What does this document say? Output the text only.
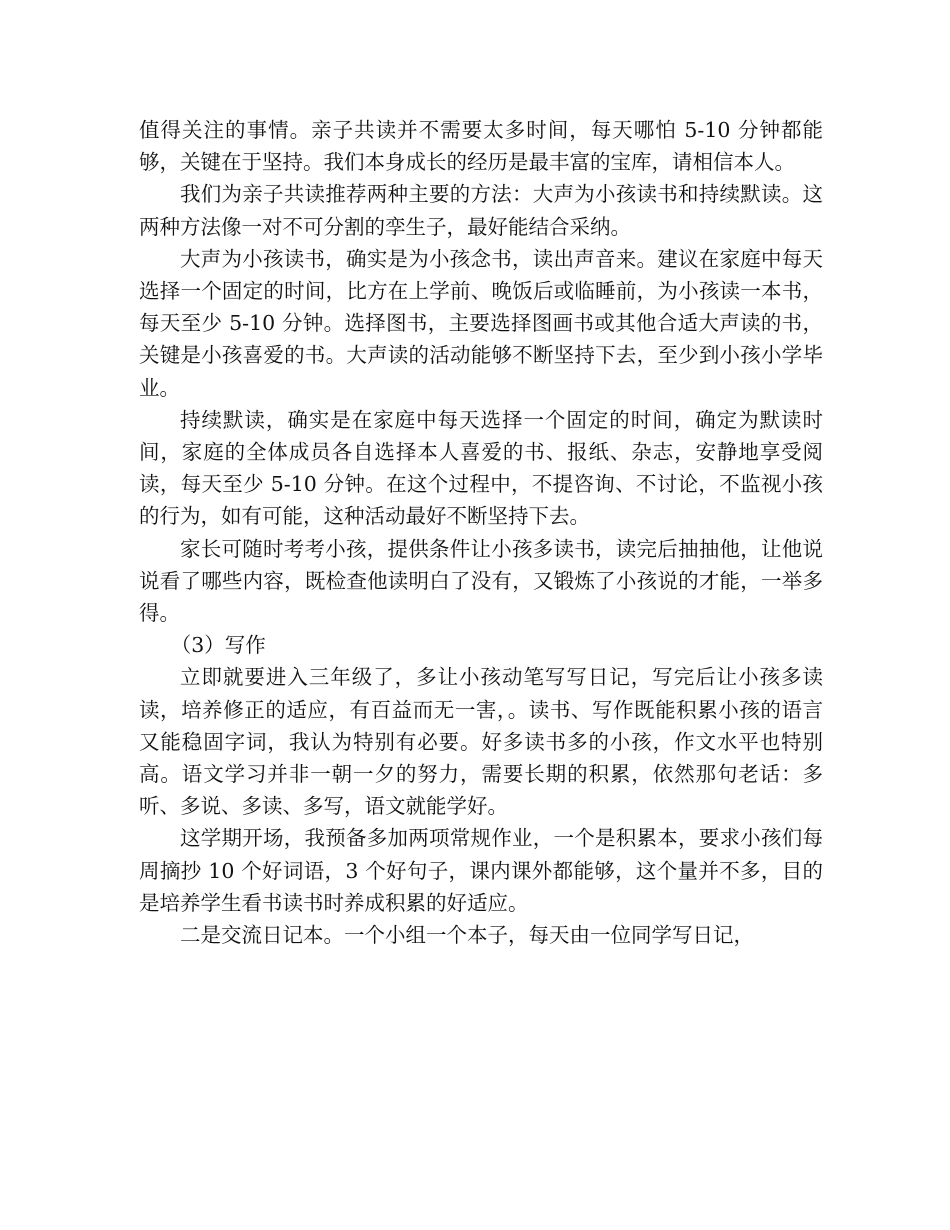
值得关注的事情。亲子共读并不需要太多时间，每天哪怕 5-10 分钟都能够，关键在于坚持。我们本身成长的经历是最丰富的宝库，请相信本人。

我们为亲子共读推荐两种主要的方法：大声为小孩读书和持续默读。这两种方法像一对不可分割的孪生子，最好能结合采纳。

大声为小孩读书，确实是为小孩念书，读出声音来。建议在家庭中每天选择一个固定的时间，比方在上学前、晚饭后或临睡前，为小孩读一本书，每天至少 5-10 分钟。选择图书，主要选择图画书或其他合适大声读的书，关键是小孩喜爱的书。大声读的活动能够不断坚持下去，至少到小孩小学毕业。

持续默读，确实是在家庭中每天选择一个固定的时间，确定为默读时间，家庭的全体成员各自选择本人喜爱的书、报纸、杂志，安静地享受阅读，每天至少 5-10 分钟。在这个过程中，不提咨询、不讨论，不监视小孩的行为，如有可能，这种活动最好不断坚持下去。

家长可随时考考小孩，提供条件让小孩多读书，读完后抽抽他，让他说说看了哪些内容，既检查他读明白了没有，又锻炼了小孩说的才能，一举多得。

（3）写作

立即就要进入三年级了，多让小孩动笔写写日记，写完后让小孩多读读，培养修正的适应，有百益而无一害，。读书、写作既能积累小孩的语言又能稳固字词，我认为特别有必要。好多读书多的小孩，作文水平也特别高。语文学习并非一朝一夕的努力，需要长期的积累，依然那句老话：多听、多说、多读、多写，语文就能学好。

这学期开场，我预备多加两项常规作业，一个是积累本，要求小孩们每周摘抄 10 个好词语，3 个好句子，课内课外都能够，这个量并不多，目的是培养学生看书读书时养成积累的好适应。

二是交流日记本。一个小组一个本子，每天由一位同学写日记，
